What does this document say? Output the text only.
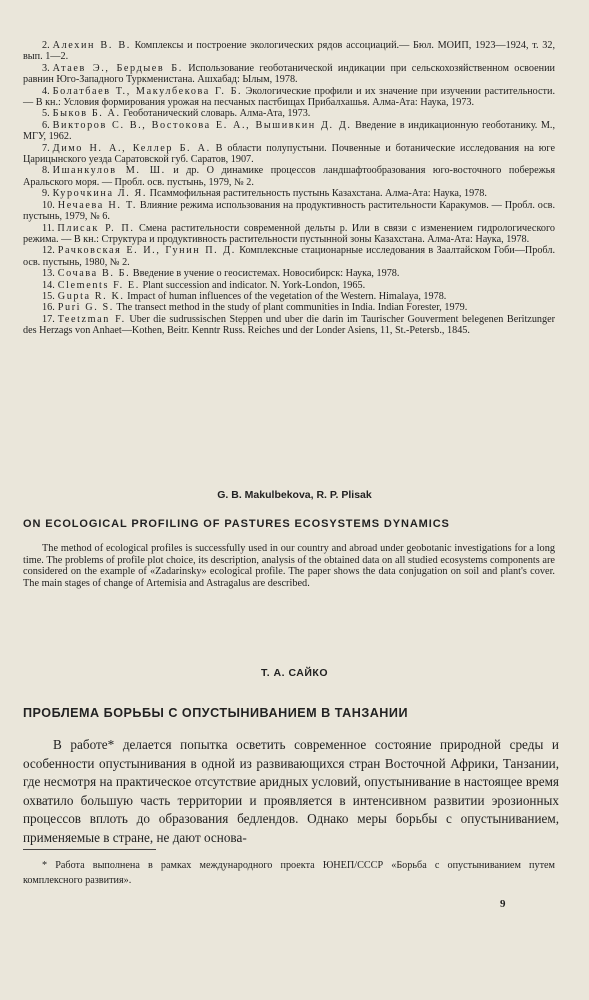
2. Алехин В. В. Комплексы и построение экологических рядов ассоциаций.— Бюл. МОИП, 1923—1924, т. 32, вып. 1—2.
3. Атаев Э., Бердыев Б. Использование геоботанической индикации при сельскохозяйственном освоении равнин Юго-Западного Туркменистана. Ашхабад: Ылым, 1978.
4. Болатбаев Т., Макулбекова Г. Б. Экологические профили и их значение при изучении растительности. — В кн.: Условия формирования урожая на песчаных пастбищах Прибалхашья. Алма-Ата: Наука, 1973.
5. Быков Б. А. Геоботанический словарь. Алма-Ата, 1973.
6. Викторов С. В., Востокова Е. А., Вышивкин Д. Д. Введение в индикационную геоботанику. М., МГУ, 1962.
7. Димо Н. А., Келлер Б. А. В области полупустыни. Почвенные и ботанические исследования на юге Царицынского уезда Саратовской губ. Саратов, 1907.
8. Ишанкулов М. Ш. и др. О динамике процессов ландшафтообразования юго-восточного побережья Аральского моря. — Пробл. осв. пустынь, 1979, № 2.
9. Курочкина Л. Я. Псаммофильная растительность пустынь Казахстана. Алма-Ата: Наука, 1978.
10. Нечаева Н. Т. Влияние режима использования на продуктивность растительности Каракумов. — Пробл. осв. пустынь, 1979, № 6.
11. Плисак Р. П. Смена растительности современной дельты р. Или в связи с изменением гидрологического режима. — В кн.: Структура и продуктивность растительности пустынной зоны Казахстана. Алма-Ата: Наука, 1978.
12. Рачковская Е. И., Гунин П. Д. Комплексные стационарные исследования в Заалтайском Гоби—Пробл. осв. пустынь, 1980, № 2.
13. Сочава В. Б. Введение в учение о геосистемах. Новосибирск: Наука, 1978.
14. Clements F. E. Plant succession and indicator. N. York-London, 1965.
15. Gupta R. K. Impact of human influences of the vegetation of the Western. Himalaya, 1978.
16. Puri G. S. The transect method in the study of plant communities in India. Indian Forester, 1979.
17. Teetzman F. Uber die sudrussischen Steppen und uber die darin im Taurischer Gouverment belegenen Beritzunger des Herzags von Anhaet—Kothen, Beitr. Kenntr Russ. Reiches und der Londer Asiens, 11, St.-Petersb., 1845.
G. B. Makulbekova, R. P. Plisak
ON ECOLOGICAL PROFILING OF PASTURES ECOSYSTEMS DYNAMICS
The method of ecological profiles is successfully used in our country and abroad under geobotanic investigations for a long time. The problems of profile plot choice, its description, analysis of the obtained data on all studied ecosystems components are considered on the example of «Zadarinsky» ecological profile. The paper shows the data conjugation on soil and plant's cover. The main stages of change of Artemisia and Astragalus are described.
Т. А. САЙКО
ПРОБЛЕМА БОРЬБЫ С ОПУСТЫНИВАНИЕМ В ТАНЗАНИИ
В работе* делается попытка осветить современное состояние природной среды и особенности опустынивания в одной из развивающихся стран Восточной Африки, Танзании, где несмотря на практическое отсутствие аридных условий, опустынивание в настоящее время охватило большую часть территории и проявляется в интенсивном развитии эрозионных процессов вплоть до образования бедлендов. Однако меры борьбы с опустыниванием, применяемые в стране, не дают основа-
* Работа выполнена в рамках международного проекта ЮНЕП/СССР «Борьба с опустыниванием путем комплексного развития».
9
